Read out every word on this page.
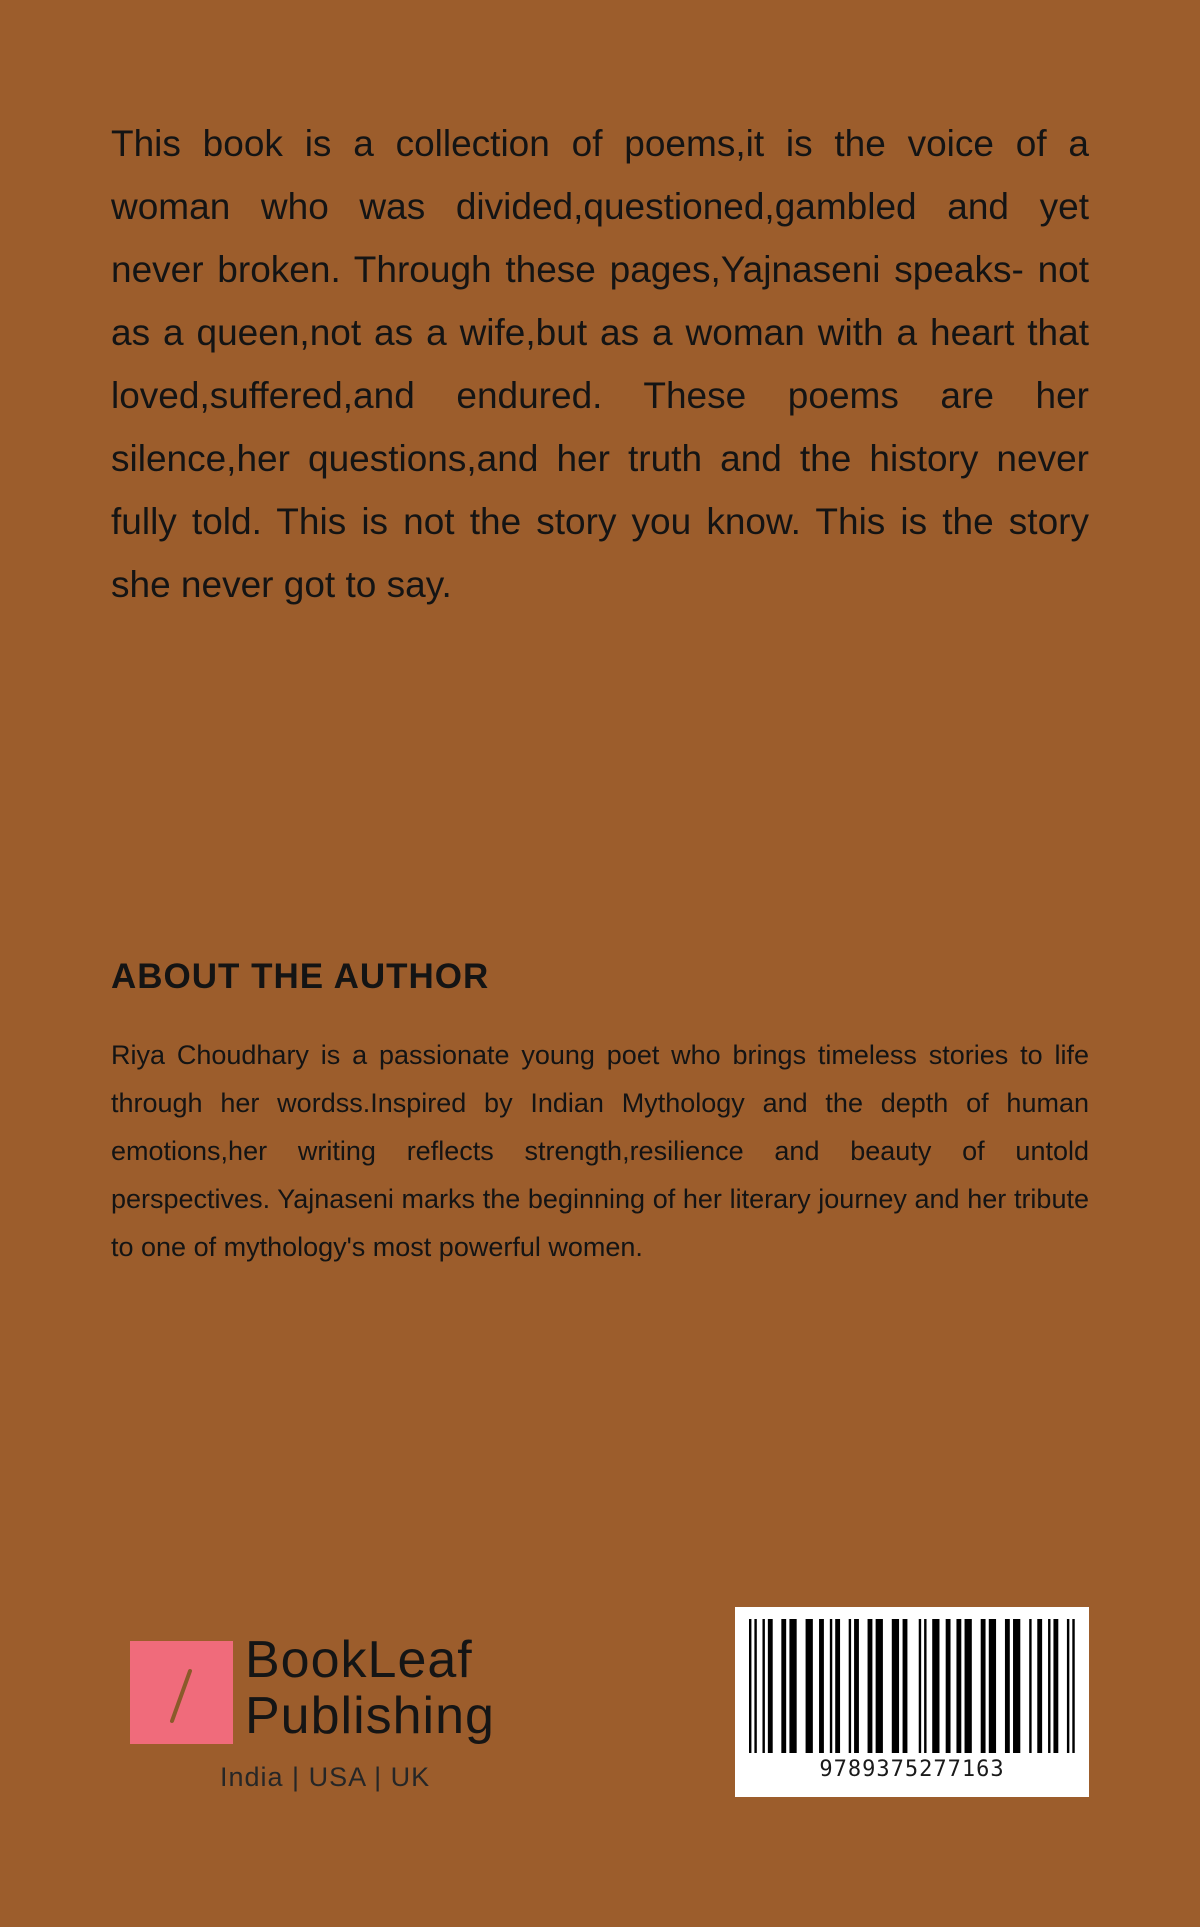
This book is a collection of poems,it is the voice of a woman who was divided,questioned,gambled and yet never broken. Through these pages,Yajnaseni speaks- not as a queen,not as a wife,but as a woman with a heart that loved,suffered,and endured. These poems are her silence,her questions,and her truth and the history never fully told. This is not the story you know. This is the story she never got to say.

ABOUT THE AUTHOR

Riya Choudhary is a passionate young poet who brings timeless stories to life through her wordss.Inspired by Indian Mythology and the depth of human emotions,her writing reflects strength,resilience and beauty of untold perspectives. Yajnaseni marks the beginning of her literary journey and her tribute to one of mythology's most powerful women.

BookLeaf
Publishing
India | USA | UK	9789375277163
